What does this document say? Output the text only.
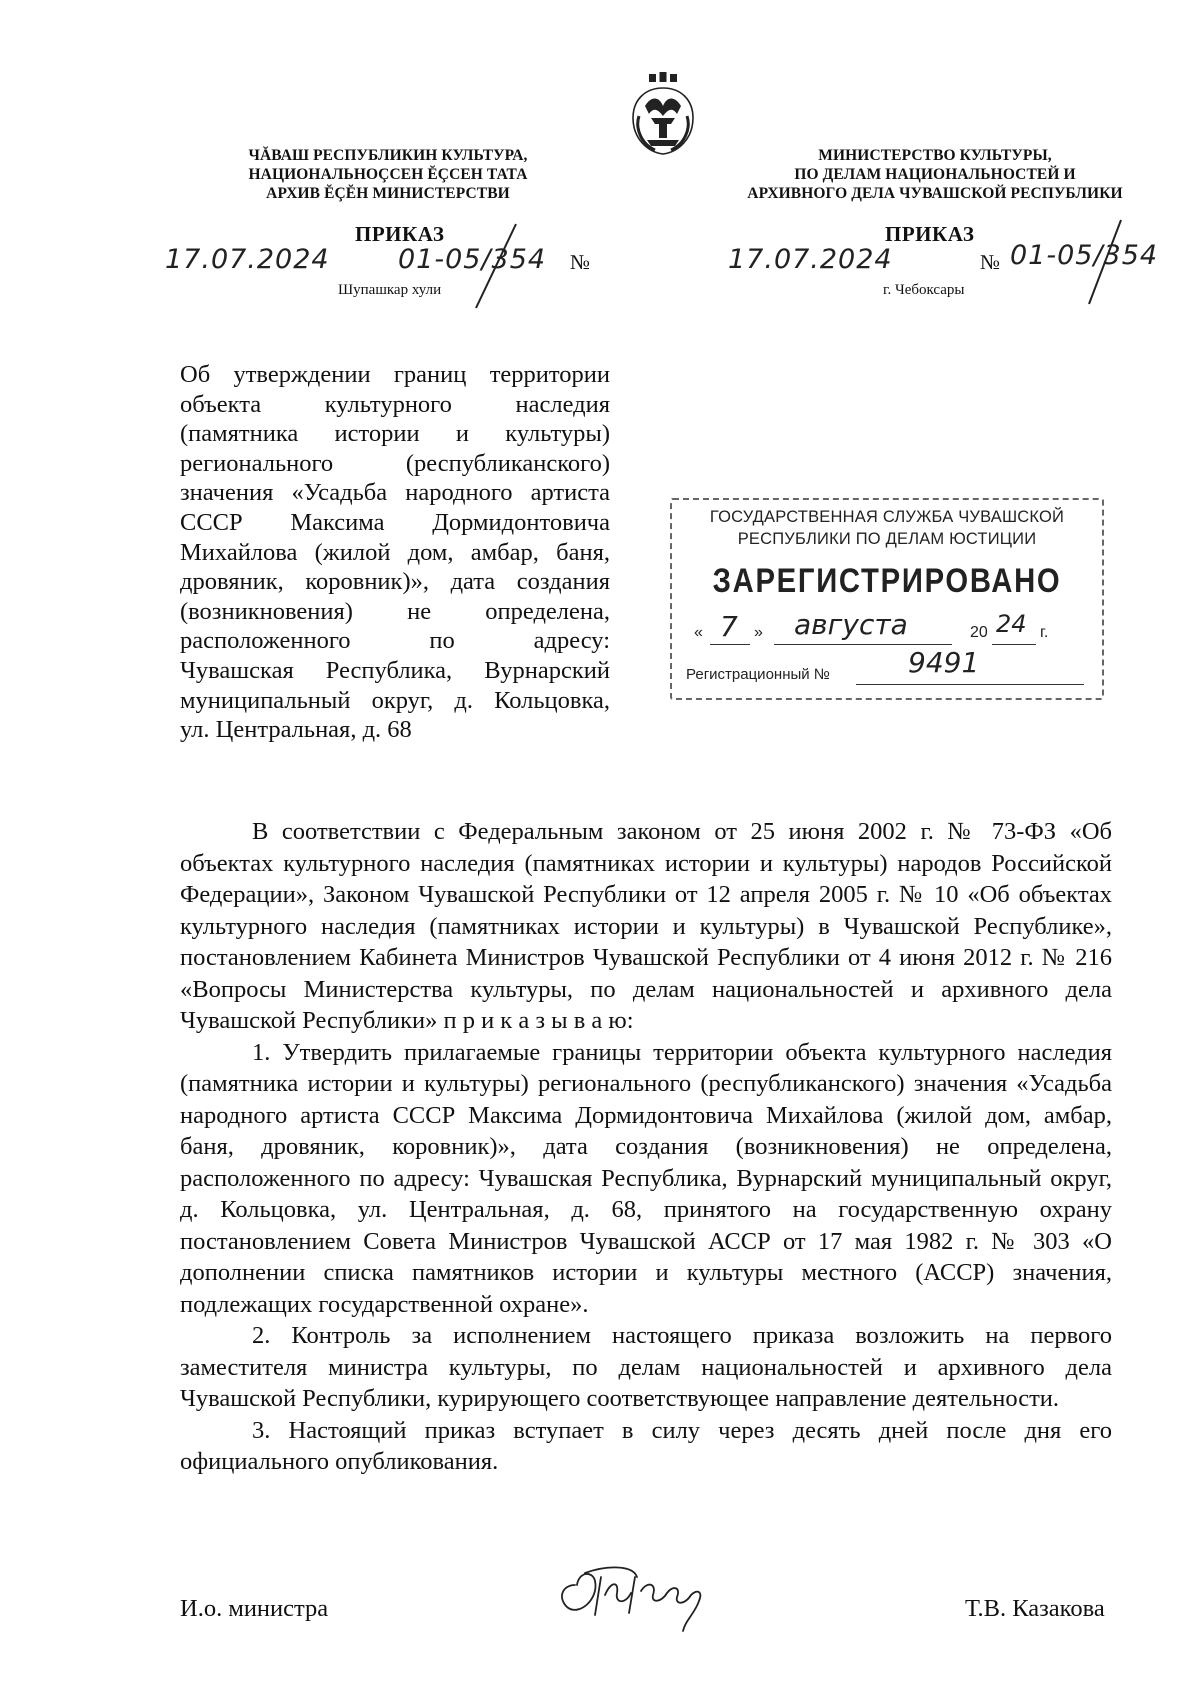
ЧĂВАШ РЕСПУБЛИКИН КУЛЬТУРА,
НАЦИОНАЛЬНОÇСЕН ĔÇСЕН ТАТА
АРХИВ ĔÇĔН МИНИСТЕРСТВИ
МИНИСТЕРСТВО КУЛЬТУРЫ,
ПО ДЕЛАМ НАЦИОНАЛЬНОСТЕЙ И
АРХИВНОГО ДЕЛА ЧУВАШСКОЙ РЕСПУБЛИКИ
ПРИКАЗ
17.07.2024	01-05/354 №
Шупашкар хули
ПРИКАЗ
17.07.2024	№ 01-05/354
г. Чебоксары
Об утверждении границ территории
объекта культурного наследия
(памятника истории и культуры)
регионального (республиканского)
значения «Усадьба народного артиста
СССР Максима Дормидонтовича
Михайлова (жилой дом, амбар, баня,
дровяник, коровник)», дата создания
(возникновения) не определена,
расположенного по адресу:
Чувашская Республика, Вурнарский
муниципальный округ, д. Кольцовка,
ул. Центральная, д. 68
ГОСУДАРСТВЕННАЯ СЛУЖБА ЧУВАШСКОЙ
РЕСПУБЛИКИ ПО ДЕЛАМ ЮСТИЦИИ
ЗАРЕГИСТРИРОВАНО
« 7 » августа	20 24 г.
Регистрационный №	9491

В соответствии с Федеральным законом от 25 июня 2002 г. № 73-ФЗ «Об объектах культурного наследия (памятниках истории и культуры) народов Российской Федерации», Законом Чувашской Республики от 12 апреля 2005 г. № 10 «Об объектах культурного наследия (памятниках истории и культуры) в Чувашской Республике», постановлением Кабинета Министров Чувашской Республики от 4 июня 2012 г. № 216 «Вопросы Министерства культуры, по делам национальностей и архивного дела Чувашской Республики» п р и к а з ы в а ю:

1. Утвердить прилагаемые границы территории объекта культурного наследия (памятника истории и культуры) регионального (республиканского) значения «Усадьба народного артиста СССР Максима Дормидонтовича Михайлова (жилой дом, амбар, баня, дровяник, коровник)», дата создания (возникновения) не определена, расположенного по адресу: Чувашская Республика, Вурнарский муниципальный округ, д. Кольцовка, ул. Центральная, д. 68, принятого на государственную охрану постановлением Совета Министров Чувашской АССР от 17 мая 1982 г. № 303 «О дополнении списка памятников истории и культуры местного (АССР) значения, подлежащих государственной охране».

2. Контроль за исполнением настоящего приказа возложить на первого заместителя министра культуры, по делам национальностей и архивного дела Чувашской Республики, курирующего соответствующее направление деятельности.

3. Настоящий приказ вступает в силу через десять дней после дня его официального опубликования.

И.о. министра	Т.В. Казакова
